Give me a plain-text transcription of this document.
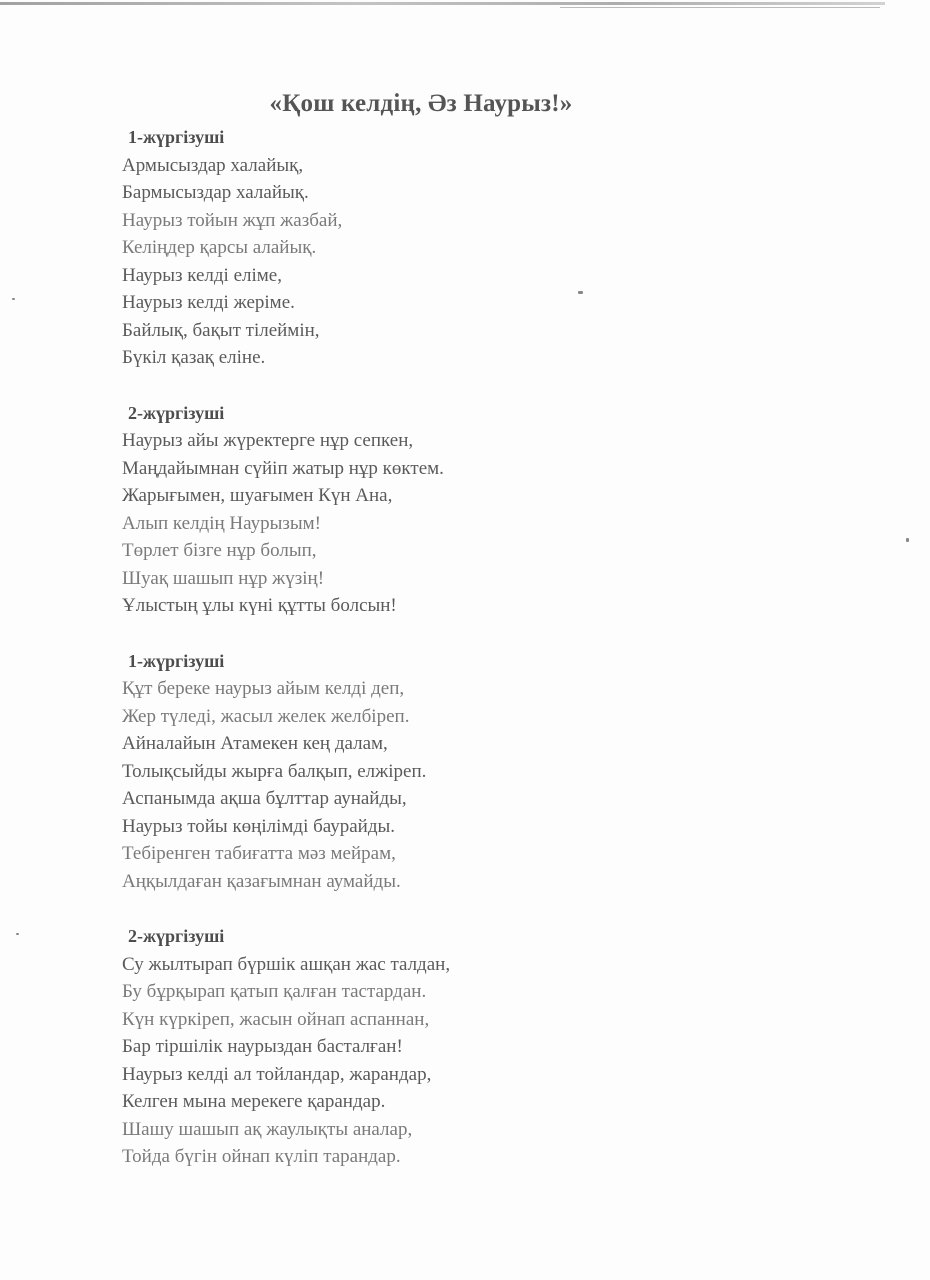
«Қош келдің, Әз Наурыз!»
1-жүргізуші
Армысыздар халайық,
Бармысыздар халайық.
Наурыз тойын жұп жазбай,
Келіңдер қарсы алайық.
Наурыз келді еліме,
Наурыз келді жеріме.
Байлық, бақыт тілеймін,
Бүкіл қазақ еліне.
2-жүргізуші
Наурыз айы жүректерге нұр сепкен,
Маңдайымнан сүйіп жатыр нұр көктем.
Жарығымен, шуағымен Күн Ана,
Алып келдің Наурызым!
Төрлет бізге нұр болып,
Шуақ шашып нұр жүзің!
Ұлыстың ұлы күні құтты болсын!
1-жүргізуші
Құт береке наурыз айым келді деп,
Жер түледі, жасыл желек желбіреп.
Айналайын Атамекен кең далам,
Толықсыйды жырға балқып, елжіреп.
Аспанымда ақша бұлттар аунайды,
Наурыз тойы көңілімді баурайды.
Тебіренген табиғатта мәз мейрам,
Аңқылдаған қазағымнан аумайды.
2-жүргізуші
Су жылтырап бүршік ашқан жас талдан,
Бу бұрқырап қатып қалған тастардан.
Күн күркіреп, жасын ойнап аспаннан,
Бар тіршілік наурыздан басталған!
Наурыз келді ал тойландар, жарандар,
Келген мына мерекеге қарандар.
Шашу шашып ақ жаулықты аналар,
Тойда бүгін ойнап күліп тарандар.
